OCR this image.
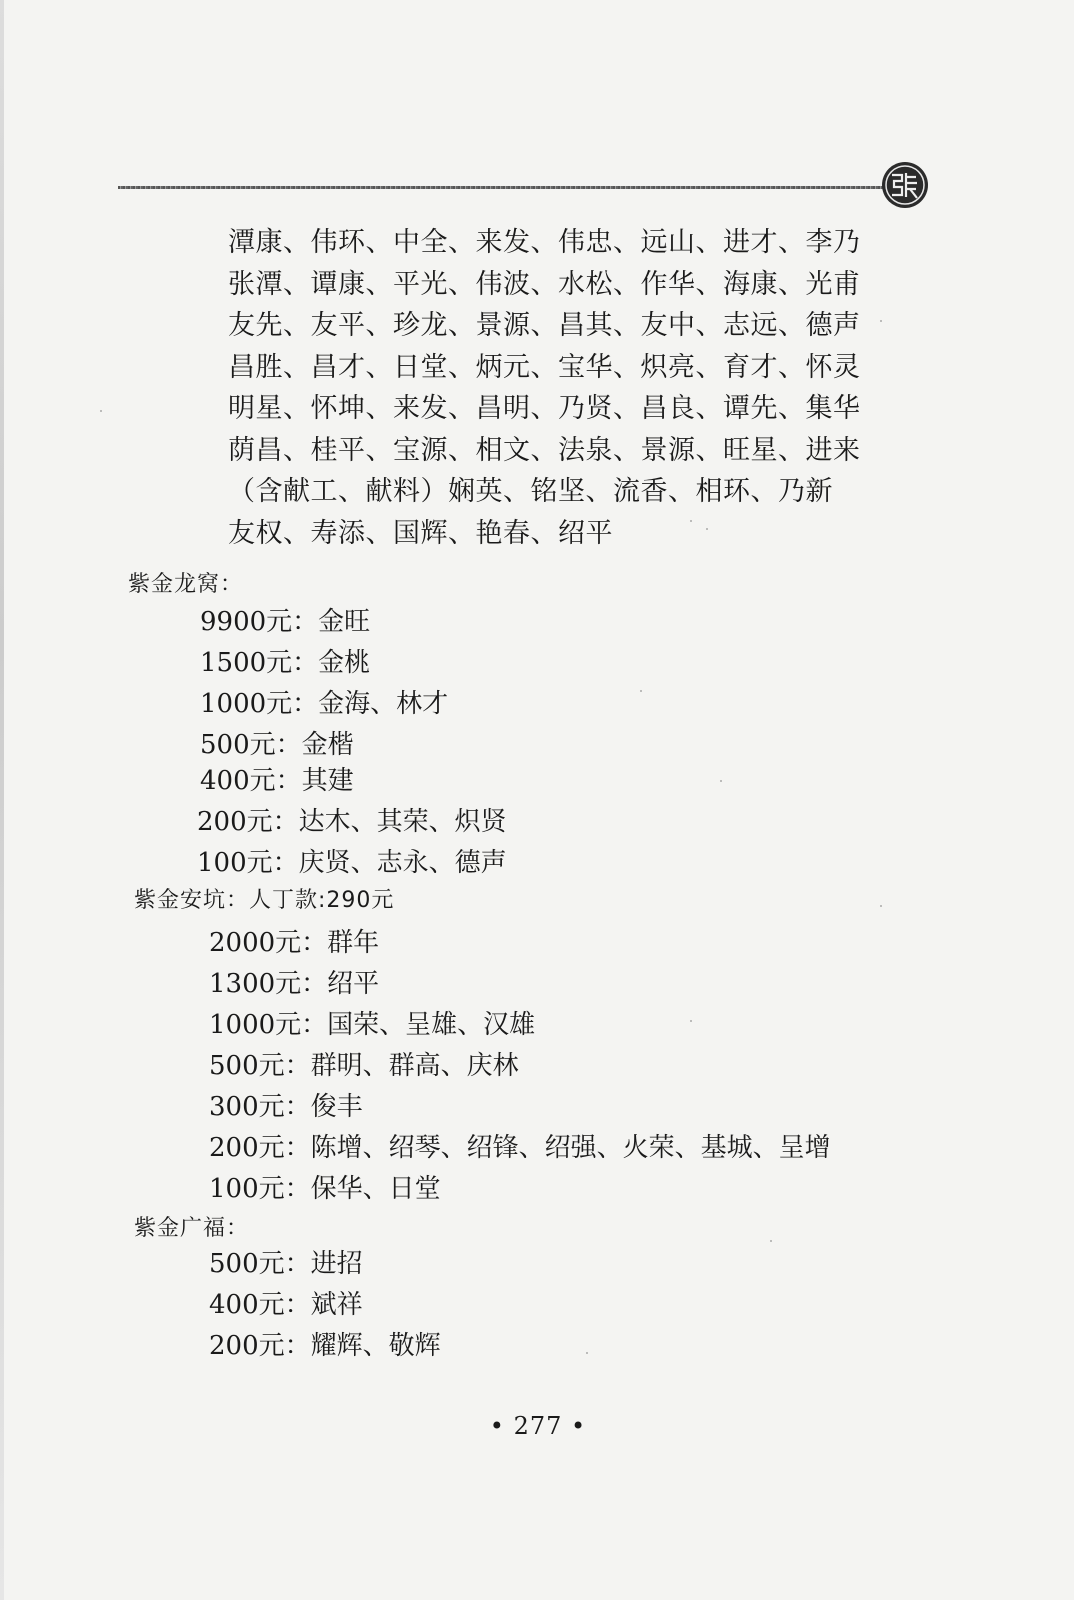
潭康、伟环、中全、来发、伟忠、远山、进才、李乃
张潭、谭康、平光、伟波、水松、作华、海康、光甫
友先、友平、珍龙、景源、昌其、友中、志远、德声
昌胜、昌才、日堂、炳元、宝华、炽亮、育才、怀灵
明星、怀坤、来发、昌明、乃贤、昌良、谭先、集华
荫昌、桂平、宝源、相文、法泉、景源、旺星、进来
（含献工、献料）娴英、铭坚、流香、相环、乃新
友权、寿添、国辉、艳春、绍平
紫金龙窝：
9900元：金旺
1500元：金桃
1000元：金海、林才
500元：金楷
400元：其建
200元：达木、其荣、炽贤
100元：庆贤、志永、德声
紫金安坑：人丁款:290元
2000元：群年
1300元：绍平
1000元：国荣、呈雄、汉雄
500元：群明、群高、庆林
300元：俊丰
200元：陈增、绍琴、绍锋、绍强、火荣、基城、呈增
100元：保华、日堂
紫金广福：
500元：进招
400元：斌祥
200元：耀辉、敬辉
• 277 •
